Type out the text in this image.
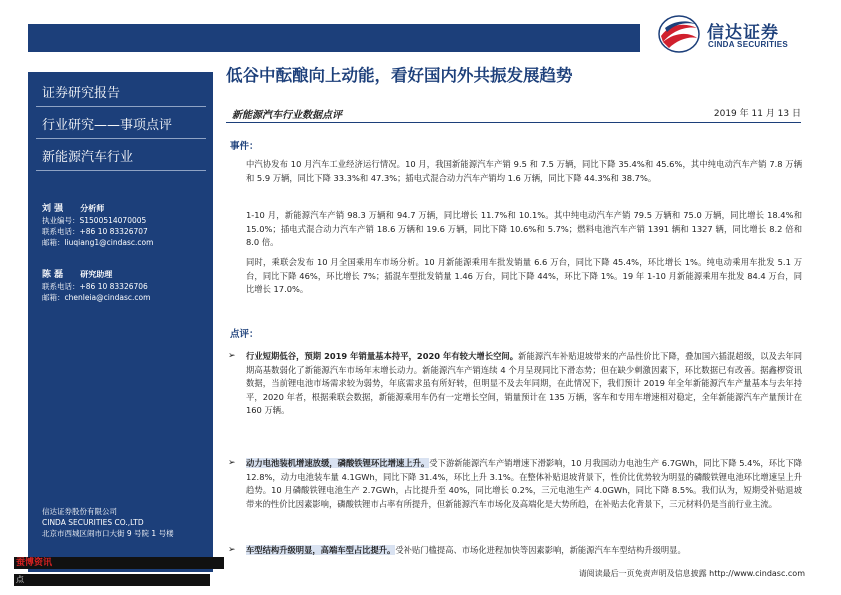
信达证券
CINDA SECURITIES
证券研究报告
行业研究——事项点评
新能源汽车行业
刘 强 分析师
执业编号：S1500514070005
联系电话：+86 10 83326707
邮箱：liuqiang1@cindasc.com
陈 磊 研究助理
联系电话：+86 10 83326706
邮箱：chenleia@cindasc.com
信达证券股份有限公司
CINDA SECURITIES CO.,LTD
北京市西城区闹市口大街 9 号院 1 号楼
低谷中酝酿向上动能，看好国内外共振发展趋势
新能源汽车行业数据点评	2019 年 11 月 13 日
事件：
中汽协发布 10 月汽车工业经济运行情况。10 月，我国新能源汽车产销 9.5 和 7.5 万辆，同比下降 35.4%和 45.6%，其中纯电动汽车产销 7.8 万辆和 5.9 万辆，同比下降 33.3%和 47.3%；插电式混合动力汽车产销均 1.6 万辆，同比下降 44.3%和 38.7%。
1-10 月，新能源汽车产销 98.3 万辆和 94.7 万辆，同比增长 11.7%和 10.1%。其中纯电动汽车产销 79.5 万辆和 75.0 万辆，同比增长 18.4%和 15.0%；插电式混合动力汽车产销 18.6 万辆和 19.6 万辆，同比下降 10.6%和 5.7%；燃料电池汽车产销 1391 辆和 1327 辆，同比增长 8.2 倍和 8.0 倍。
同时，乘联会发布 10 月全国乘用车市场分析。10 月新能源乘用车批发销量 6.6 万台，同比下降 45.4%，环比增长 1%。纯电动乘用车批发 5.1 万台，同比下降 46%，环比增长 7%；插混车型批发销量 1.46 万台，同比下降 44%，环比下降 1%。19 年 1-10 月新能源乘用车批发 84.4 万台，同比增长 17.0%。
点评：
➢ 行业短期低谷，预期 2019 年销量基本持平，2020 年有较大增长空间。新能源汽车补贴退坡带来的产品性价比下降，叠加国六插混超级，以及去年同期高基数弱化了新能源汽车市场年末增长动力。新能源汽车产销连续 4 个月呈现同比下滑态势；但在缺少刺激因素下，环比数据已有改善。据鑫椤资讯数据，当前锂电池市场需求较为弱势，年底需求虽有所好转，但明显不及去年同期，在此情况下，我们预计 2019 年全年新能源汽车产量基本与去年持平，2020 年者，根据乘联会数据，新能源乘用车仍有一定增长空间，销量预计在 135 万辆，客车和专用车增速相对稳定，全年新能源汽车产量预计在 160 万辆。
➢ 动力电池装机增速放缓，磷酸铁锂环比增速上升。受下游新能源汽车产销增速下滑影响，10 月我国动力电池生产 6.7GWh，同比下降 5.4%，环比下降 12.8%，动力电池装车量 4.1GWh，同比下降 31.4%，环比上升 3.1%。在整体补贴退坡背景下，性价比优势较为明显的磷酸铁锂电池环比增速呈上升趋势。10 月磷酸铁锂电池生产 2.7GWh，占比提升至 40%，同比增长 0.2%，三元电池生产 4.0GWh，同比下降 8.5%。我们认为，短期受补贴退坡带来的性价比因素影响，磷酸铁锂市占率有所提升，但新能源汽车市场化及高端化是大势所趋，在补贴去化背景下，三元材料仍是当前行业主流。
➢ 车型结构升级明显，高端车型占比提升。受补贴门槛提高、市场化进程加快等因素影响，新能源汽车车型结构升级明显。
请阅读最后一页免责声明及信息披露 http://www.cindasc.com
蚕博资讯	者
点
